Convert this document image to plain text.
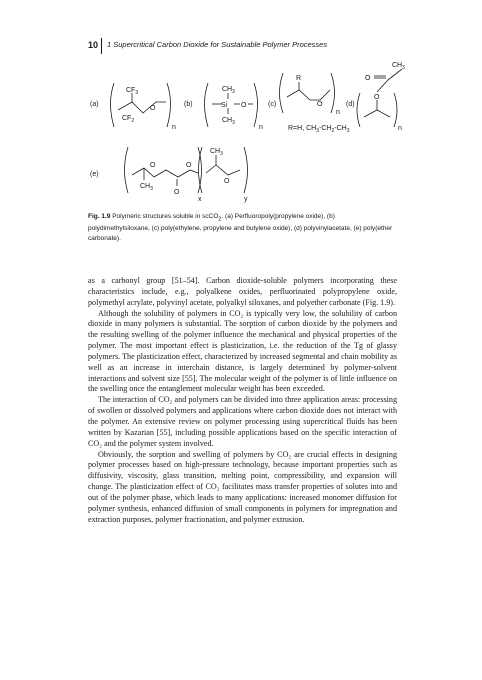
10 1 Supercritical Carbon Dioxide for Sustainable Polymer Processes
(a)
$CF_3$
$CF_2$
O
n
(b)	Si O
$CH_3$
$CH_3$
n
(c)
R
O
n
R=H, $CH_3-CH_2-CH_3$
(d)
O
O
$CH_3$
n
(e)
O	O
O
$CH_3$
$CH_3$
O
x	y
Fig. 1.9 Polymeric structures soluble in scCO$_2$. (a) Perfluoropoly(propylene oxide), (b) polydimethylsiloxane, (c) poly(ethylene, propylene and butylene oxide), (d) polyvinylacetate, (e) poly(ether carbonate).

as a carbonyl group [51–54]. Carbon dioxide-soluble polymers incorporating these characteristics include, e.g., polyalkene oxides, perfluorinated polypropylene oxide, polymethyl acrylate, polyvinyl acetate, polyalkyl siloxanes, and polyether carbonate (Fig. 1.9).

Although the solubility of polymers in CO₂ is typically very low, the solubility of carbon dioxide in many polymers is substantial. The sorption of carbon dioxide by the polymers and the resulting swelling of the polymer influence the mechanical and physical properties of the polymer. The most important effect is plasticization, i.e. the reduction of the Tg of glassy polymers. The plasticization effect, characterized by increased segmental and chain mobility as well as an increase in interchain distance, is largely determined by polymer-solvent interactions and solvent size [55]. The molecular weight of the polymer is of little influence on the swelling once the entanglement molecular weight has been exceeded.

The interaction of CO₂ and polymers can be divided into three application areas: processing of swollen or dissolved polymers and applications where carbon dioxide does not interact with the polymer. An extensive review on polymer processing using supercritical fluids has been written by Kazarian [55], including possible applications based on the specific interaction of CO₂ and the polymer system involved.

Obviously, the sorption and swelling of polymers by CO₂ are crucial effects in designing polymer processes based on high-pressure technology, because important properties such as diffusivity, viscosity, glass transition, melting point, compressibility, and expansion will change. The plasticization effect of CO₂ facilitates mass transfer properties of solutes into and out of the polymer phase, which leads to many applications: increased monomer diffusion for polymer synthesis, enhanced diffusion of small components in polymers for impregnation and extraction purposes, polymer fractionation, and polymer extrusion.
